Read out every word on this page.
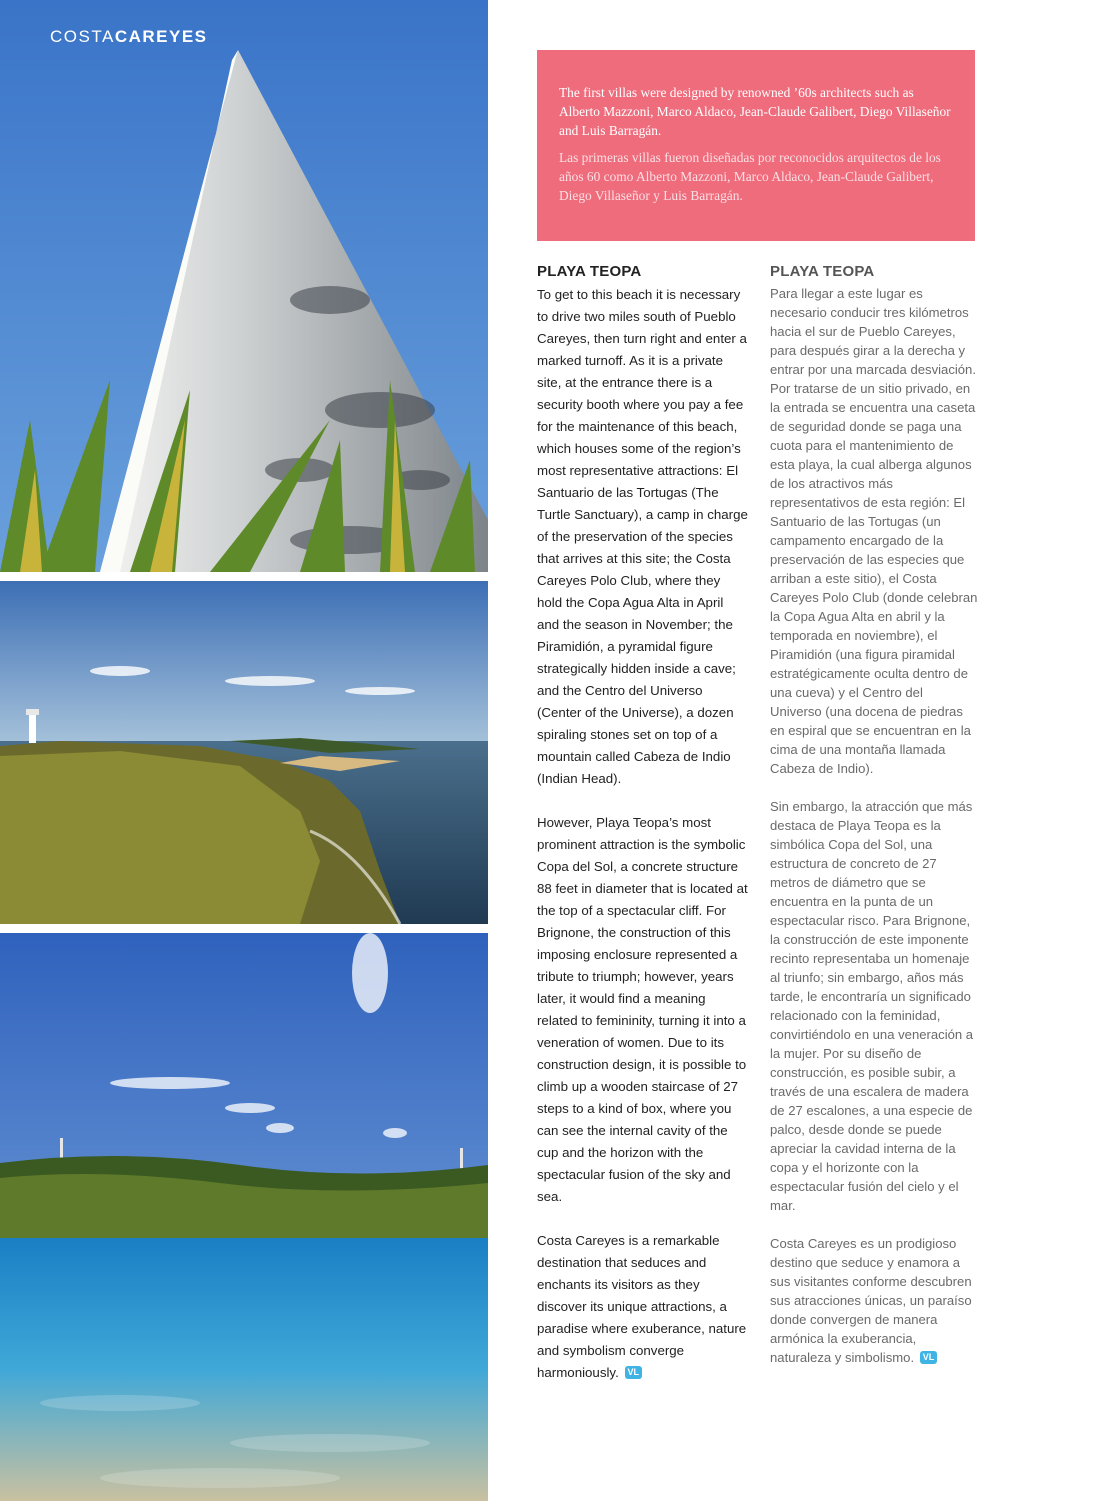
COSTACAREYES

The first villas were designed by renowned ’60s architects such as Alberto Mazzoni, Marco Aldaco, Jean-Claude Galibert, Diego Villaseñor and Luis Barragán.

Las primeras villas fueron diseñadas por reconocidos arquitectos de los años 60 como Alberto Mazzoni, Marco Aldaco, Jean-Claude Galibert, Diego Villaseñor y Luis Barragán.

PLAYA TEOPA

To get to this beach it is necessary to drive two miles south of Pueblo Careyes, then turn right and enter a marked turnoff. As it is a private site, at the entrance there is a security booth where you pay a fee for the maintenance of this beach, which houses some of the region’s most representative attractions: El Santuario de las Tortugas (The Turtle Sanctuary), a camp in charge of the preservation of the species that arrives at this site; the Costa Careyes Polo Club, where they hold the Copa Agua Alta in April and the season in November; the Piramidión, a pyramidal figure strategically hidden inside a cave; and the Centro del Universo (Center of the Universe), a dozen spiraling stones set on top of a mountain called Cabeza de Indio (Indian Head).

However, Playa Teopa’s most prominent attraction is the symbolic Copa del Sol, a concrete structure 88 feet in diameter that is located at the top of a spectacular cliff. For Brignone, the construction of this imposing enclosure represented a tribute to triumph; however, years later, it would find a meaning related to femininity, turning it into a veneration of women. Due to its construction design, it is possible to climb up a wooden staircase of 27 steps to a kind of box, where you can see the internal cavity of the cup and the horizon with the spectacular fusion of the sky and sea.

Costa Careyes is a remarkable destination that seduces and enchants its visitors as they discover its unique attractions, a paradise where exuberance, nature and symbolism converge harmoniously. VL

PLAYA TEOPA

Para llegar a este lugar es necesario conducir tres kilómetros hacia el sur de Pueblo Careyes, para después girar a la derecha y entrar por una marcada desviación. Por tratarse de un sitio privado, en la entrada se encuentra una caseta de seguridad donde se paga una cuota para el mantenimiento de esta playa, la cual alberga algunos de los atractivos más representativos de esta región: El Santuario de las Tortugas (un campamento encargado de la preservación de las especies que arriban a este sitio), el Costa Careyes Polo Club (donde celebran la Copa Agua Alta en abril y la temporada en noviembre), el Piramidión (una figura piramidal estratégicamente oculta dentro de una cueva) y el Centro del Universo (una docena de piedras en espiral que se encuentran en la cima de una montaña llamada Cabeza de Indio).

Sin embargo, la atracción que más destaca de Playa Teopa es la simbólica Copa del Sol, una estructura de concreto de 27 metros de diámetro que se encuentra en la punta de un espectacular risco. Para Brignone, la construcción de este imponente recinto representaba un homenaje al triunfo; sin embargo, años más tarde, le encontraría un significado relacionado con la feminidad, convirtiéndolo en una veneración a la mujer. Por su diseño de construcción, es posible subir, a través de una escalera de madera de 27 escalones, a una especie de palco, desde donde se puede apreciar la cavidad interna de la copa y el horizonte con la espectacular fusión del cielo y el mar.

Costa Careyes es un prodigioso destino que seduce y enamora a sus visitantes conforme descubren sus atracciones únicas, un paraíso donde convergen de manera armónica la exuberancia, naturaleza y simbolismo. VL
